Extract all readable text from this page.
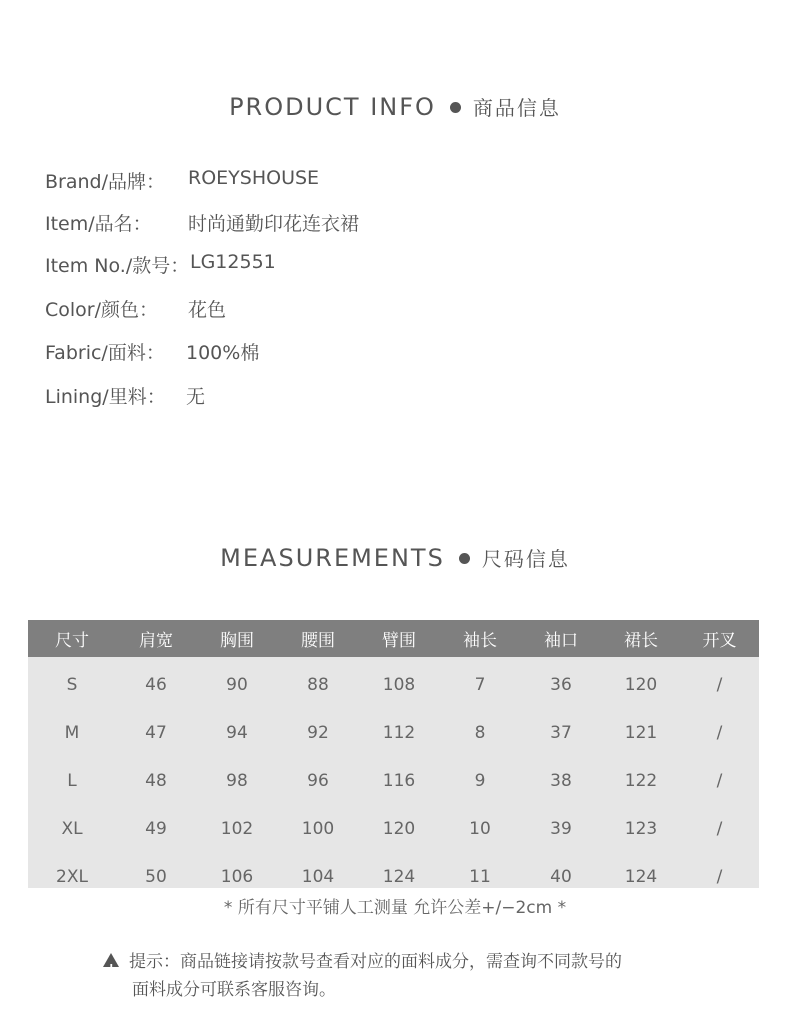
PRODUCT INFO 商品信息
Brand/品牌： ROEYSHOUSE
Item/品名： 时尚通勤印花连衣裙
Item No./款号： LG12551
Color/颜色： 花色
Fabric/面料： 100%棉
Lining/里料： 无
MEASUREMENTS 尺码信息
尺寸	肩宽	胸围	腰围	臂围	袖长	袖口	裙长	开叉
S	46	90	88	108	7	36	120	/
M	47	94	92	112	8	37	121	/
L	48	98	96	116	9	38	122	/
XL	49	102	100	120	10	39	123	/
2XL	50	106	104	124	11	40	124	/
* 所有尺寸平铺人工测量 允许公差+/−2cm *
!提示：商品链接请按款号查看对应的面料成分，需查询不同款号的
面料成分可联系客服咨询。
